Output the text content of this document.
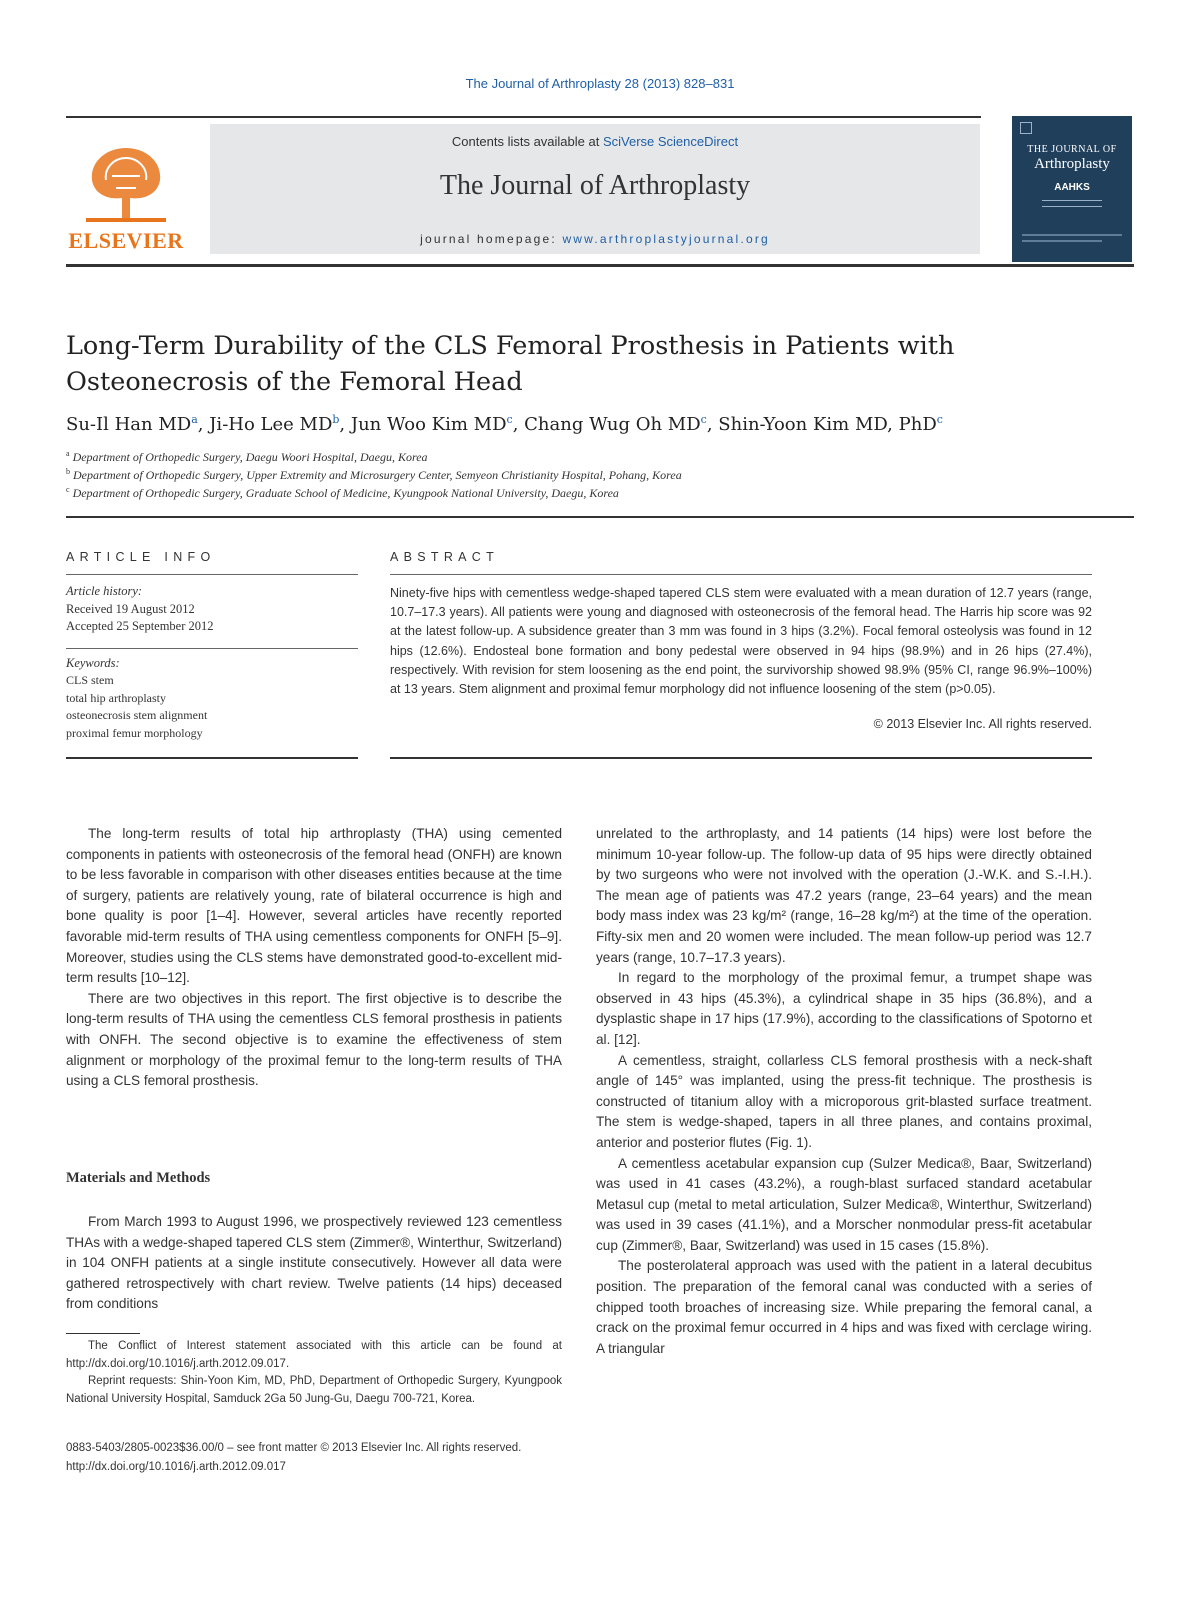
The Journal of Arthroplasty 28 (2013) 828–831
ELSEVIER
Contents lists available at SciVerse ScienceDirect
The Journal of Arthroplasty
journal homepage: www.arthroplastyjournal.org
THE JOURNAL OF
Arthroplasty
AAHKS
Long-Term Durability of the CLS Femoral Prosthesis in Patients with Osteonecrosis of the Femoral Head
Su-Il Han $MD^a$, Ji-Ho Lee $MD^b$, Jun Woo Kim $MD^c$, Chang Wug Oh $MD^c$, Shin-Yoon Kim MD, PhD$^c$
$^a$ Department of Orthopedic Surgery, Daegu Woori Hospital, Daegu, Korea
$^b$ Department of Orthopedic Surgery, Upper Extremity and Microsurgery Center, Semyeon Christianity Hospital, Pohang, Korea
$^c$ Department of Orthopedic Surgery, Graduate School of Medicine, Kyungpook National University, Daegu, Korea
ARTICLE INFO
Article history:
Received 19 August 2012
Accepted 25 September 2012
Keywords:
CLS stem
total hip arthroplasty
osteonecrosis stem alignment
proximal femur morphology
ABSTRACT
Ninety-five hips with cementless wedge-shaped tapered CLS stem were evaluated with a mean duration of 12.7 years (range, 10.7–17.3 years). All patients were young and diagnosed with osteonecrosis of the femoral head. The Harris hip score was 92 at the latest follow-up. A subsidence greater than 3 mm was found in 3 hips (3.2%). Focal femoral osteolysis was found in 12 hips (12.6%). Endosteal bone formation and bony pedestal were observed in 94 hips (98.9%) and in 26 hips (27.4%), respectively. With revision for stem loosening as the end point, the survivorship showed 98.9% (95% CI, range 96.9%–100%) at 13 years. Stem alignment and proximal femur morphology did not influence loosening of the stem (p>0.05).
© 2013 Elsevier Inc. All rights reserved.

The long-term results of total hip arthroplasty (THA) using cemented components in patients with osteonecrosis of the femoral head (ONFH) are known to be less favorable in comparison with other diseases entities because at the time of surgery, patients are relatively young, rate of bilateral occurrence is high and bone quality is poor [1–4]. However, several articles have recently reported favorable mid-term results of THA using cementless components for ONFH [5–9]. Moreover, studies using the CLS stems have demonstrated good-to-excellent mid-term results [10–12].

There are two objectives in this report. The first objective is to describe the long-term results of THA using the cementless CLS femoral prosthesis in patients with ONFH. The second objective is to examine the effectiveness of stem alignment or morphology of the proximal femur to the long-term results of THA using a CLS femoral prosthesis.

Materials and Methods

From March 1993 to August 1996, we prospectively reviewed 123 cementless THAs with a wedge-shaped tapered CLS stem (Zimmer®, Winterthur, Switzerland) in 104 ONFH patients at a single institute consecutively. However all data were gathered retrospectively with chart review. Twelve patients (14 hips) deceased from conditions

unrelated to the arthroplasty, and 14 patients (14 hips) were lost before the minimum 10-year follow-up. The follow-up data of 95 hips were directly obtained by two surgeons who were not involved with the operation (J.-W.K. and S.-I.H.). The mean age of patients was 47.2 years (range, 23–64 years) and the mean body mass index was 23 kg/m² (range, 16–28 kg/m²) at the time of the operation. Fifty-six men and 20 women were included. The mean follow-up period was 12.7 years (range, 10.7–17.3 years).

In regard to the morphology of the proximal femur, a trumpet shape was observed in 43 hips (45.3%), a cylindrical shape in 35 hips (36.8%), and a dysplastic shape in 17 hips (17.9%), according to the classifications of Spotorno et al. [12].

A cementless, straight, collarless CLS femoral prosthesis with a neck-shaft angle of 145° was implanted, using the press-fit technique. The prosthesis is constructed of titanium alloy with a microporous grit-blasted surface treatment. The stem is wedge-shaped, tapers in all three planes, and contains proximal, anterior and posterior flutes (Fig. 1).

A cementless acetabular expansion cup (Sulzer Medica®, Baar, Switzerland) was used in 41 cases (43.2%), a rough-blast surfaced standard acetabular Metasul cup (metal to metal articulation, Sulzer Medica®, Winterthur, Switzerland) was used in 39 cases (41.1%), and a Morscher nonmodular press-fit acetabular cup (Zimmer®, Baar, Switzerland) was used in 15 cases (15.8%).

The posterolateral approach was used with the patient in a lateral decubitus position. The preparation of the femoral canal was conducted with a series of chipped tooth broaches of increasing size. While preparing the femoral canal, a crack on the proximal femur occurred in 4 hips and was fixed with cerclage wiring. A triangular

The Conflict of Interest statement associated with this article can be found at http://dx.doi.org/10.1016/j.arth.2012.09.017.

Reprint requests: Shin-Yoon Kim, MD, PhD, Department of Orthopedic Surgery, Kyungpook National University Hospital, Samduck 2Ga 50 Jung-Gu, Daegu 700-721, Korea.

0883-5403/2805-0023$36.00/0 – see front matter © 2013 Elsevier Inc. All rights reserved.
http://dx.doi.org/10.1016/j.arth.2012.09.017
